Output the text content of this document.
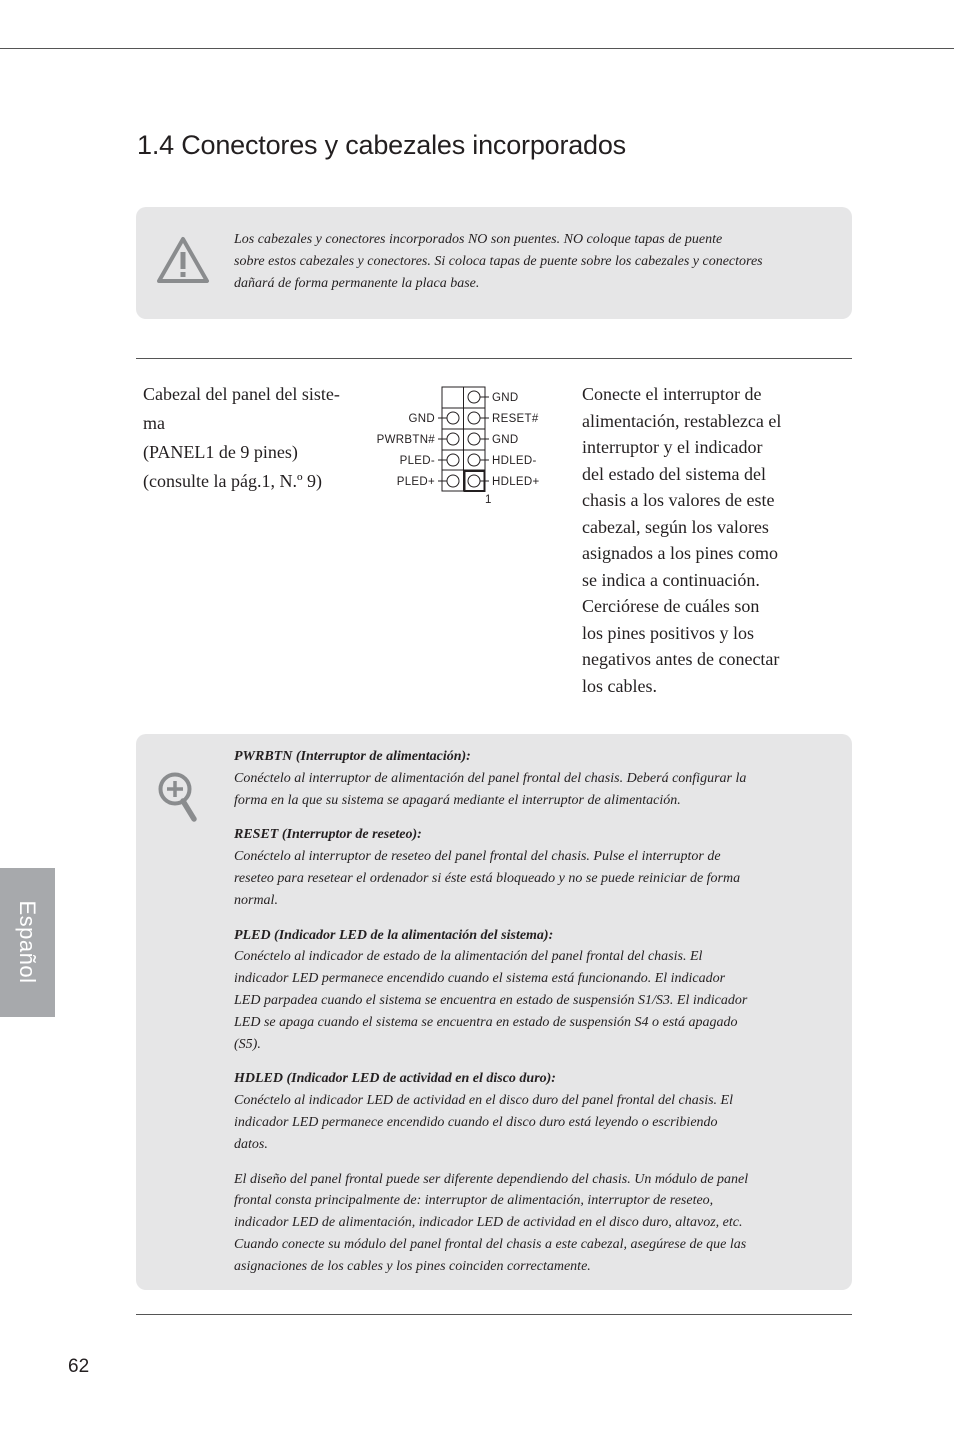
1.4 Conectores y cabezales incorporados
Los cabezales y conectores incorporados NO son puentes. NO coloque tapas de puente
sobre estos cabezales y conectores. Si coloca tapas de puente sobre los cabezales y conectores
dañará de forma permanente la placa base.
Cabezal del panel del siste-
ma
(PANEL1 de 9 pines)
(consulte la pág.1, N.º 9)
GND
RESET#
GND
HDLED-
HDLED+
GND
PWRBTN#
PLED-
PLED+
1
Conecte el interruptor de
alimentación, restablezca el
interruptor y el indicador
del estado del sistema del
chasis a los valores de este
cabezal, según los valores
asignados a los pines como
se indica a continuación.
Cerciórese de cuáles son
los pines positivos y los
negativos antes de conectar
los cables.
PWRBTN (Interruptor de alimentación):
Conéctelo al interruptor de alimentación del panel frontal del chasis. Deberá configurar la
forma en la que su sistema se apagará mediante el interruptor de alimentación.
RESET (Interruptor de reseteo):
Conéctelo al interruptor de reseteo del panel frontal del chasis. Pulse el interruptor de
reseteo para resetear el ordenador si éste está bloqueado y no se puede reiniciar de forma
normal.
PLED (Indicador LED de la alimentación del sistema):
Conéctelo al indicador de estado de la alimentación del panel frontal del chasis. El
indicador LED permanece encendido cuando el sistema está funcionando. El indicador
LED parpadea cuando el sistema se encuentra en estado de suspensión S1/S3. El indicador
LED se apaga cuando el sistema se encuentra en estado de suspensión S4 o está apagado
(S5).
HDLED (Indicador LED de actividad en el disco duro):
Conéctelo al indicador LED de actividad en el disco duro del panel frontal del chasis. El
indicador LED permanece encendido cuando el disco duro está leyendo o escribiendo
datos.
El diseño del panel frontal puede ser diferente dependiendo del chasis. Un módulo de panel
frontal consta principalmente de: interruptor de alimentación, interruptor de reseteo,
indicador LED de alimentación, indicador LED de actividad en el disco duro, altavoz, etc.
Cuando conecte su módulo del panel frontal del chasis a este cabezal, asegúrese de que las
asignaciones de los cables y los pines coinciden correctamente.
Español
62
